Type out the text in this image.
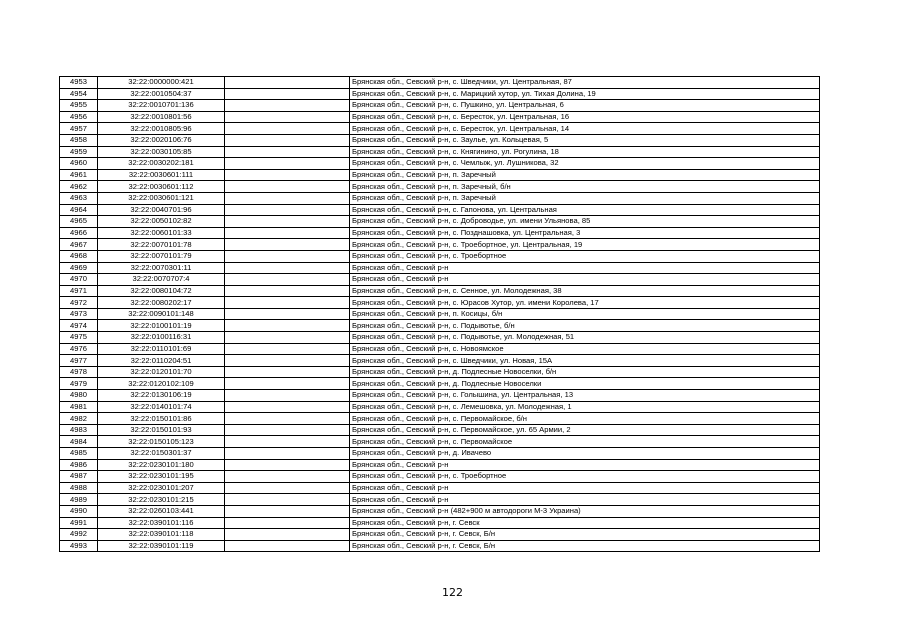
4953	32:22:0000000:421		Брянская обл., Севский р-н, с. Шведчики, ул. Центральная, 87
4954	32:22:0010504:37		Брянская обл., Севский р-н, с. Марицкий хутор, ул. Тихая Долина, 19
4955	32:22:0010701:136		Брянская обл., Севский р-н, с. Пушкино, ул. Центральная, 6
4956	32:22:0010801:56		Брянская обл., Севский р-н, с. Береcток, ул. Центральная, 16
4957	32:22:0010805:96		Брянская обл., Севский р-н, с. Береcток, ул. Центральная, 14
4958	32:22:0020106:76		Брянская обл., Севский р-н, с. Заулье, ул. Кольцевая, 5
4959	32:22:0030105:85		Брянская обл., Севский р-н, с. Княгинино, ул. Рогулина, 18
4960	32:22:0030202:181		Брянская обл., Севский р-н, с. Чемлыж, ул. Лушникова, 32
4961	32:22:0030601:111		Брянская обл., Севский р-н, п. Заречный
4962	32:22:0030601:112		Брянская обл., Севский р-н, п. Заречный, б/н
4963	32:22:0030601:121		Брянская обл., Севский р-н, п. Заречный
4964	32:22:0040701:96		Брянская обл., Севский р-н, с. Гапонова, ул. Центральная
4965	32:22:0050102:82		Брянская обл., Севский р-н, с. Доброводье, ул. имени Ульянова, 85
4966	32:22:0060101:33		Брянская обл., Севский р-н, с. Позднашовка, ул. Центральная, 3
4967	32:22:0070101:78		Брянская обл., Севский р-н, с. Троебортное, ул. Центральная, 19
4968	32:22:0070101:79		Брянская обл., Севский р-н, с. Троебортное
4969	32:22:0070301:11		Брянская обл., Севский р-н
4970	32:22:0070707:4		Брянская обл., Севский р-н
4971	32:22:0080104:72		Брянская обл., Севский р-н, с. Сенное, ул. Молодежная, 38
4972	32:22:0080202:17		Брянская обл., Севский р-н, с. Юрасов Хутор, ул. имени Королева, 17
4973	32:22:0090101:148		Брянская обл., Севский р-н, п. Косицы, б/н
4974	32:22:0100101:19		Брянская обл., Севский р-н, с. Подывотье, б/н
4975	32:22:0100116:31		Брянская обл., Севский р-н, с. Подывотье, ул. Молодежная, 51
4976	32:22:0110101:69		Брянская обл., Севский р-н, с. Новоямское
4977	32:22:0110204:51		Брянская обл., Севский р-н, с. Шведчики, ул. Новая, 15А
4978	32:22:0120101:70		Брянская обл., Севский р-н, д. Подлесные Новоселки, б/н
4979	32:22:0120102:109		Брянская обл., Севский р-н, д. Подлесные Новоселки
4980	32:22:0130106:19		Брянская обл., Севский р-н, с. Голышина, ул. Центральная, 13
4981	32:22:0140101:74		Брянская обл., Севский р-н, с. Лемешовка, ул. Молодежная, 1
4982	32:22:0150101:86		Брянская обл., Севский р-н, с. Первомайское, б/н
4983	32:22:0150101:93		Брянская обл., Севский р-н, с. Первомайское, ул. 65 Армии, 2
4984	32:22:0150105:123		Брянская обл., Севский р-н, с. Первомайское
4985	32:22:0150301:37		Брянская обл., Севский р-н, д. Ивачево
4986	32:22:0230101:180		Брянская обл., Севский р-н
4987	32:22:0230101:195		Брянская обл., Севский р-н, с. Троебортное
4988	32:22:0230101:207		Брянская обл., Севский р-н
4989	32:22:0230101:215		Брянская обл., Севский р-н
4990	32:22:0260103:441		Брянская обл., Севский р-н (482+900 м автодороги М-3 Украина)
4991	32:22:0390101:116		Брянская обл., Севский р-н, г. Севск
4992	32:22:0390101:118		Брянская обл., Севский р-н, г. Севск, Б/н
4993	32:22:0390101:119		Брянская обл., Севский р-н, г. Севск, Б/н
122
